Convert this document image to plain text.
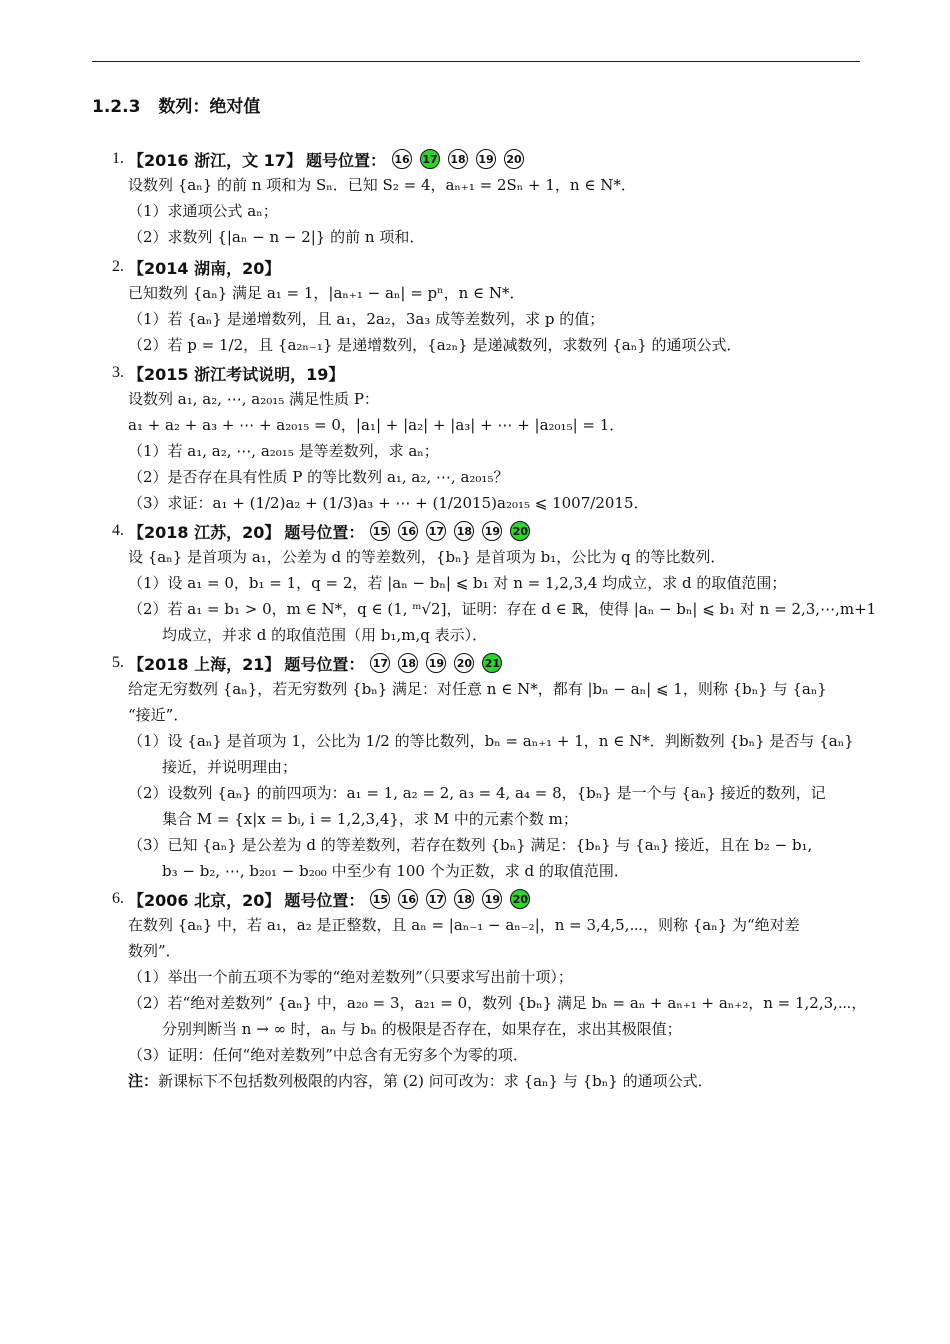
1.2.3 数列：绝对值
1. 【2016 浙江，文 17】 题号位置： 16 17 18 19 20
设数列 {aₙ} 的前 n 项和为 Sₙ．已知 S₂ = 4，aₙ₊₁ = 2Sₙ + 1，n ∈ N*．
（1）求通项公式 aₙ；
（2）求数列 {|aₙ − n − 2|} 的前 n 项和．
2. 【2014 湖南，20】
已知数列 {aₙ} 满足 a₁ = 1，|aₙ₊₁ − aₙ| = pⁿ，n ∈ N*．
（1）若 {aₙ} 是递增数列，且 a₁，2a₂，3a₃ 成等差数列，求 p 的值；
（2）若 p = 1/2，且 {a₂ₙ₋₁} 是递增数列，{a₂ₙ} 是递减数列，求数列 {aₙ} 的通项公式．
3. 【2015 浙江考试说明，19】
设数列 a₁, a₂, ⋯, a₂₀₁₅ 满足性质 P：
a₁ + a₂ + a₃ + ⋯ + a₂₀₁₅ = 0，|a₁| + |a₂| + |a₃| + ⋯ + |a₂₀₁₅| = 1．
（1）若 a₁, a₂, ⋯, a₂₀₁₅ 是等差数列，求 aₙ；
（2）是否存在具有性质 P 的等比数列 a₁, a₂, ⋯, a₂₀₁₅？
（3）求证：a₁ + (1/2)a₂ + (1/3)a₃ + ⋯ + (1/2015)a₂₀₁₅ ⩽ 1007/2015．
4. 【2018 江苏，20】 题号位置： 15 16 17 18 19 20
设 {aₙ} 是首项为 a₁，公差为 d 的等差数列，{bₙ} 是首项为 b₁，公比为 q 的等比数列．
（1）设 a₁ = 0，b₁ = 1，q = 2，若 |aₙ − bₙ| ⩽ b₁ 对 n = 1,2,3,4 均成立，求 d 的取值范围；
（2）若 a₁ = b₁ > 0，m ∈ N*，q ∈ (1, ᵐ√2]，证明：存在 d ∈ ℝ，使得 |aₙ − bₙ| ⩽ b₁ 对 n = 2,3,⋯,m+1
均成立，并求 d 的取值范围（用 b₁,m,q 表示）．
5. 【2018 上海，21】 题号位置： 17 18 19 20 21
给定无穷数列 {aₙ}，若无穷数列 {bₙ} 满足：对任意 n ∈ N*，都有 |bₙ − aₙ| ⩽ 1，则称 {bₙ} 与 {aₙ}
“接近”．
（1）设 {aₙ} 是首项为 1，公比为 1/2 的等比数列，bₙ = aₙ₊₁ + 1，n ∈ N*．判断数列 {bₙ} 是否与 {aₙ}
接近，并说明理由；
（2）设数列 {aₙ} 的前四项为：a₁ = 1, a₂ = 2, a₃ = 4, a₄ = 8，{bₙ} 是一个与 {aₙ} 接近的数列，记
集合 M = {x|x = bᵢ, i = 1,2,3,4}，求 M 中的元素个数 m；
（3）已知 {aₙ} 是公差为 d 的等差数列，若存在数列 {bₙ} 满足：{bₙ} 与 {aₙ} 接近，且在 b₂ − b₁,
b₃ − b₂, ⋯, b₂₀₁ − b₂₀₀ 中至少有 100 个为正数，求 d 的取值范围．
6. 【2006 北京，20】 题号位置： 15 16 17 18 19 20
在数列 {aₙ} 中，若 a₁，a₂ 是正整数，且 aₙ = |aₙ₋₁ − aₙ₋₂|，n = 3,4,5,⋯，则称 {aₙ} 为“绝对差
数列”．
（1）举出一个前五项不为零的“绝对差数列”（只要求写出前十项）；
（2）若“绝对差数列” {aₙ} 中，a₂₀ = 3，a₂₁ = 0，数列 {bₙ} 满足 bₙ = aₙ + aₙ₊₁ + aₙ₊₂，n = 1,2,3,⋯，
分别判断当 n → ∞ 时，aₙ 与 bₙ 的极限是否存在，如果存在，求出其极限值；
（3）证明：任何“绝对差数列”中总含有无穷多个为零的项．
注：新课标下不包括数列极限的内容，第 (2) 问可改为：求 {aₙ} 与 {bₙ} 的通项公式．
